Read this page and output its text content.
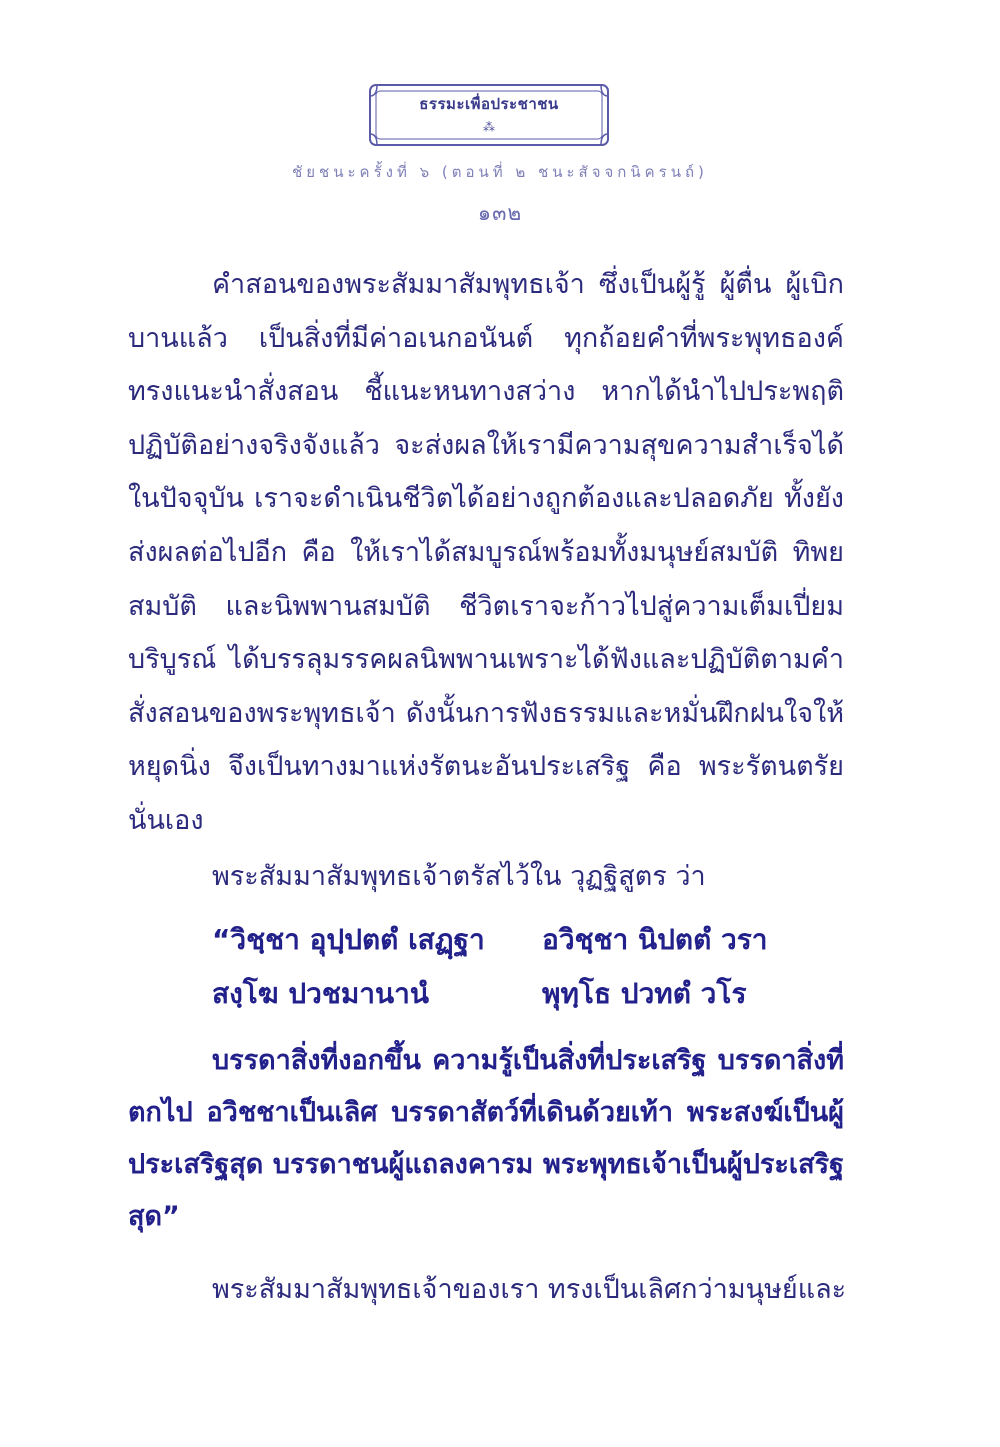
ธรรมะเพื่อประชาชน
⁂
ชัยชนะครั้งที่ ๖ (ตอนที่ ๒ ชนะสัจจกนิครนถ์)
๑๓๒

คำสอนของพระสัมมาสัมพุทธเจ้า ซึ่งเป็นผู้รู้ ผู้ตื่น ผู้เบิกบานแล้ว เป็นสิ่งที่มีค่าอเนกอนันต์ ทุกถ้อยคำที่พระพุทธองค์ทรงแนะนำสั่งสอน ชี้แนะหนทางสว่าง หากได้นำไปประพฤติปฏิบัติอย่างจริงจังแล้ว จะส่งผลให้เรามีความสุขความสำเร็จได้ในปัจจุบัน เราจะดำเนินชีวิตได้อย่างถูกต้องและปลอดภัย ทั้งยังส่งผลต่อไปอีก คือ ให้เราได้สมบูรณ์พร้อมทั้งมนุษย์สมบัติ ทิพยสมบัติ และนิพพานสมบัติ ชีวิตเราจะก้าวไปสู่ความเต็มเปี่ยมบริบูรณ์ ได้บรรลุมรรคผลนิพพานเพราะได้ฟังและปฏิบัติตามคำสั่งสอนของพระพุทธเจ้า ดังนั้นการฟังธรรมและหมั่นฝึกฝนใจให้หยุดนิ่ง จึงเป็นทางมาแห่งรัตนะอันประเสริฐ คือ พระรัตนตรัยนั่นเอง

พระสัมมาสัมพุทธเจ้าตรัสไว้ใน วุฏฐิสูตร ว่า

“วิชฺชา อุปฺปตตํ เสฏฺฐา อวิชฺชา นิปตตํ วรา
สงฺโฆ ปวชมานานํ	พุทฺโธ ปวทตํ วโร

บรรดาสิ่งที่งอกขึ้น ความรู้เป็นสิ่งที่ประเสริฐ บรรดาสิ่งที่ตกไป อวิชชาเป็นเลิศ บรรดาสัตว์ที่เดินด้วยเท้า พระสงฆ์เป็นผู้ประเสริฐสุด บรรดาชนผู้แถลงคารม พระพุทธเจ้าเป็นผู้ประเสริฐสุด”

พระสัมมาสัมพุทธเจ้าของเรา ทรงเป็นเลิศกว่ามนุษย์และ
